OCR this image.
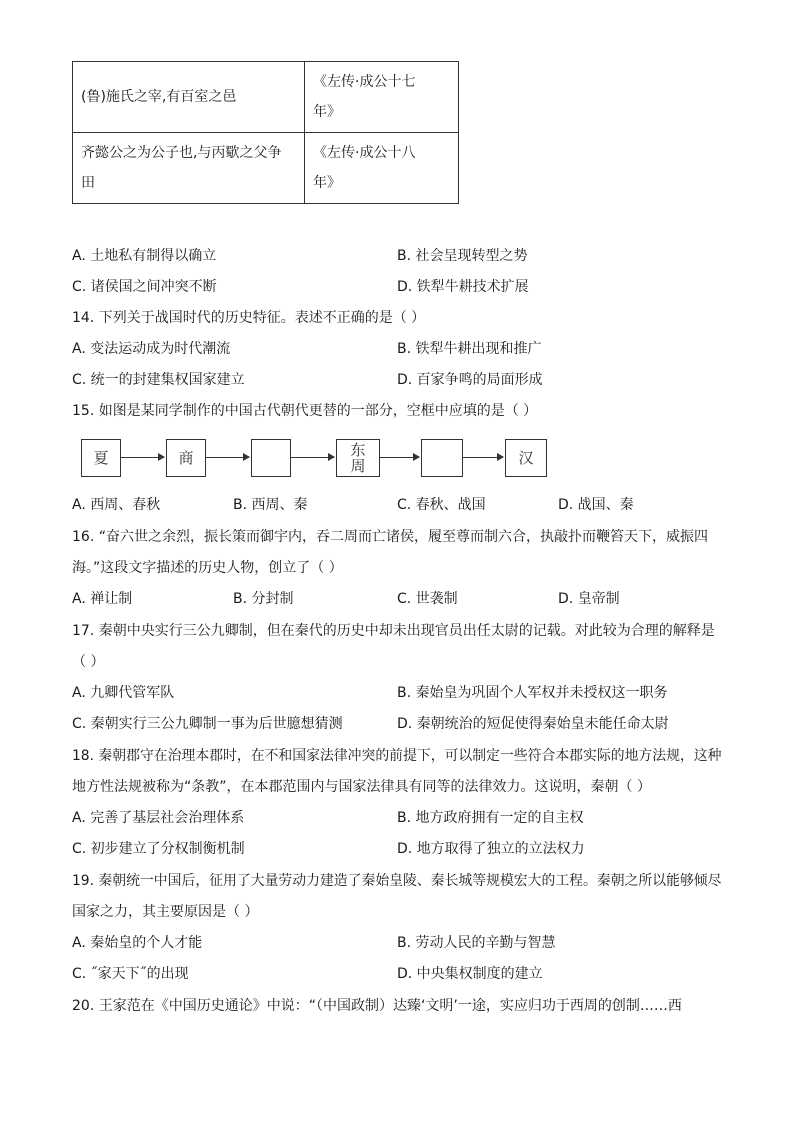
(鲁)施氏之宰,有百室之邑	《左传·成公十七年》

齐懿公之为公子也,与丙歜之父争田	《左传·成公十八年》
A. 土地私有制得以确立	B. 社会呈现转型之势
C. 诸侯国之间冲突不断	D. 铁犁牛耕技术扩展
14. 下列关于战国时代的历史特征。表述不正确的是（ ）
A. 变法运动成为时代潮流	B. 铁犁牛耕出现和推广
C. 统一的封建集权国家建立	D. 百家争鸣的局面形成
15. 如图是某同学制作的中国古代朝代更替的一部分，空框中应填的是（ ）
夏	商	东周	汉
A. 西周、春秋	B. 西周、秦	C. 春秋、战国	D. 战国、秦
16. “奋六世之余烈，振长策而御宇内，吞二周而亡诸侯，履至尊而制六合，执敲扑而鞭笞天下，威振四
海。”这段文字描述的历史人物，创立了（ ）
A. 禅让制	B. 分封制	C. 世袭制	D. 皇帝制
17. 秦朝中央实行三公九卿制，但在秦代的历史中却未出现官员出任太尉的记载。对此较为合理的解释是
（ ）
A. 九卿代管军队	B. 秦始皇为巩固个人军权并未授权这一职务
C. 秦朝实行三公九卿制一事为后世臆想猜测	D. 秦朝统治的短促使得秦始皇未能任命太尉
18. 秦朝郡守在治理本郡时，在不和国家法律冲突的前提下，可以制定一些符合本郡实际的地方法规，这种
地方性法规被称为“条教”，在本郡范围内与国家法律具有同等的法律效力。这说明，秦朝（ ）
A. 完善了基层社会治理体系	B. 地方政府拥有一定的自主权
C. 初步建立了分权制衡机制	D. 地方取得了独立的立法权力
19. 秦朝统一中国后，征用了大量劳动力建造了秦始皇陵、秦长城等规模宏大的工程。秦朝之所以能够倾尽
国家之力，其主要原因是（ ）
A. 秦始皇的个人才能	B. 劳动人民的辛勤与智慧
C. ˝家天下˝的出现	D. 中央集权制度的建立
20. 王家范在《中国历史通论》中说：“（中国政制）达臻‘文明’一途，实应归功于西周的创制……西
